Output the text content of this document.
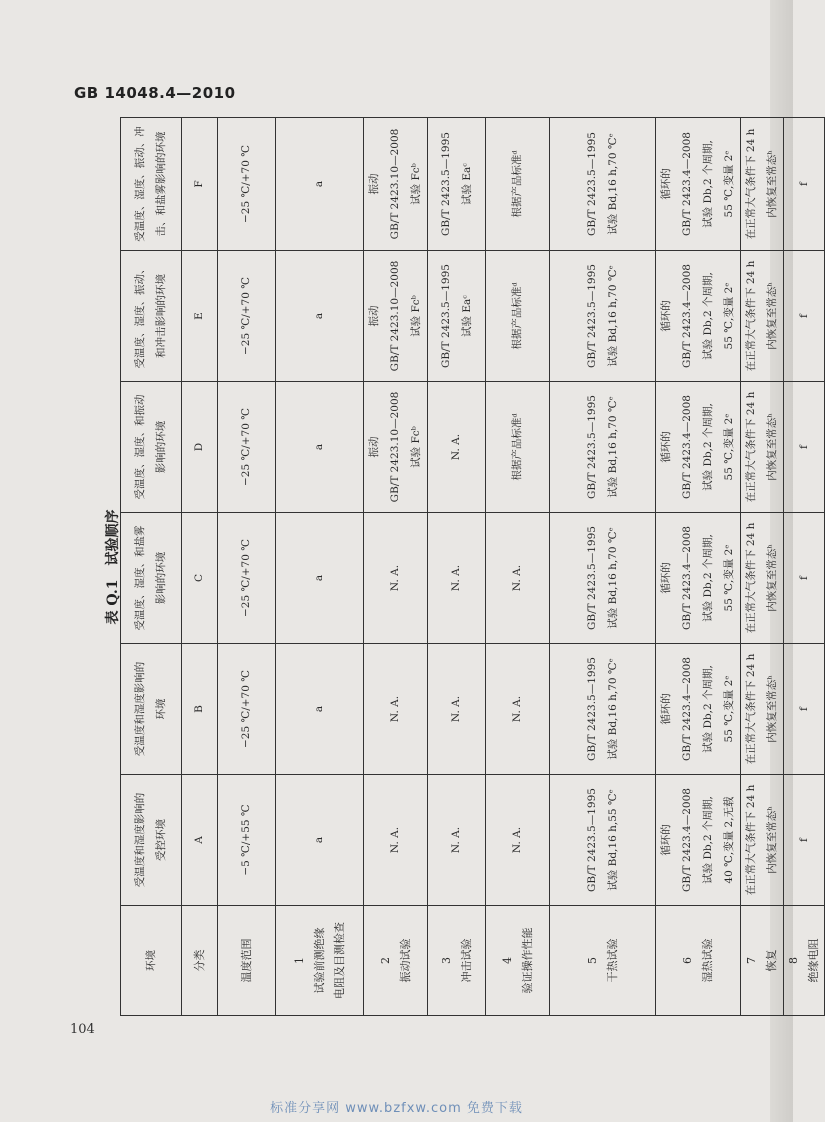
GB 14048.4—2010
表 Q.1　试验顺序
环境	受温度和湿度影响的 受控环境	受温度和湿度影响的 环境	受温度、湿度、和盐雾 影响的环境	受温度、湿度、和振动 影响的环境	受温度、湿度、振动、 和冲击影响的环境	受温度、湿度、振动、冲 击、和盐雾影响的环境

分类	A	B	C	D	E	F

温度范围	−5 ℃/+55 ℃	−25 ℃/+70 ℃	−25 ℃/+70 ℃	−25 ℃/+70 ℃	−25 ℃/+70 ℃	−25 ℃/+70 ℃

1 试验前测绝缘 电阻及目测检查	a	a	a	a	a	a

2 振动试验	N. A.	N. A.	N. A.	振动 GB/T 2423.10—2008 试验 Fcᵇ	振动 GB/T 2423.10—2008 试验 Fcᵇ	振动 GB/T 2423.10—2008 试验 Fcᵇ

3 冲击试验	N. A.	N. A.	N. A.	N. A.	GB/T 2423.5—1995 试验 Eaᶜ	GB/T 2423.5—1995 试验 Eaᶜ

4 验证操作性能	N. A.	N. A.	N. A.	根据产品标准ᵈ	根据产品标准ᵈ	根据产品标准ᵈ

5 干热试验	GB/T 2423.5—1995 试验 Bd,16 h,55 ℃ᵉ	GB/T 2423.5—1995 试验 Bd,16 h,70 ℃ᵉ	GB/T 2423.5—1995 试验 Bd,16 h,70 ℃ᵉ	GB/T 2423.5—1995 试验 Bd,16 h,70 ℃ᵉ	GB/T 2423.5—1995 试验 Bd,16 h,70 ℃ᵉ	GB/T 2423.5—1995 试验 Bd,16 h,70 ℃ᵉ

6 湿热试验	循环的 GB/T 2423.4—2008 试验 Db,2 个周期, 40 ℃,变量 2,无载	循环的 GB/T 2423.4—2008 试验 Db,2 个周期, 55 ℃,变量 2ᵉ	循环的 GB/T 2423.4—2008 试验 Db,2 个周期, 55 ℃,变量 2ᵉ	循环的 GB/T 2423.4—2008 试验 Db,2 个周期, 55 ℃,变量 2ᵉ	循环的 GB/T 2423.4—2008 试验 Db,2 个周期, 55 ℃,变量 2ᵉ	循环的 GB/T 2423.4—2008 试验 Db,2 个周期, 55 ℃,变量 2ᵉ

7 恢复	在正常大气条件下 24 h 内恢复至常态ʰ	在正常大气条件下 24 h 内恢复至常态ʰ	在正常大气条件下 24 h 内恢复至常态ʰ	在正常大气条件下 24 h 内恢复至常态ʰ	在正常大气条件下 24 h 内恢复至常态ʰ	在正常大气条件下 24 h 内恢复至常态ʰ

8 绝缘电阻	f	f	f	f	f	f
104
标准分享网 www.bzfxw.com 免费下载
